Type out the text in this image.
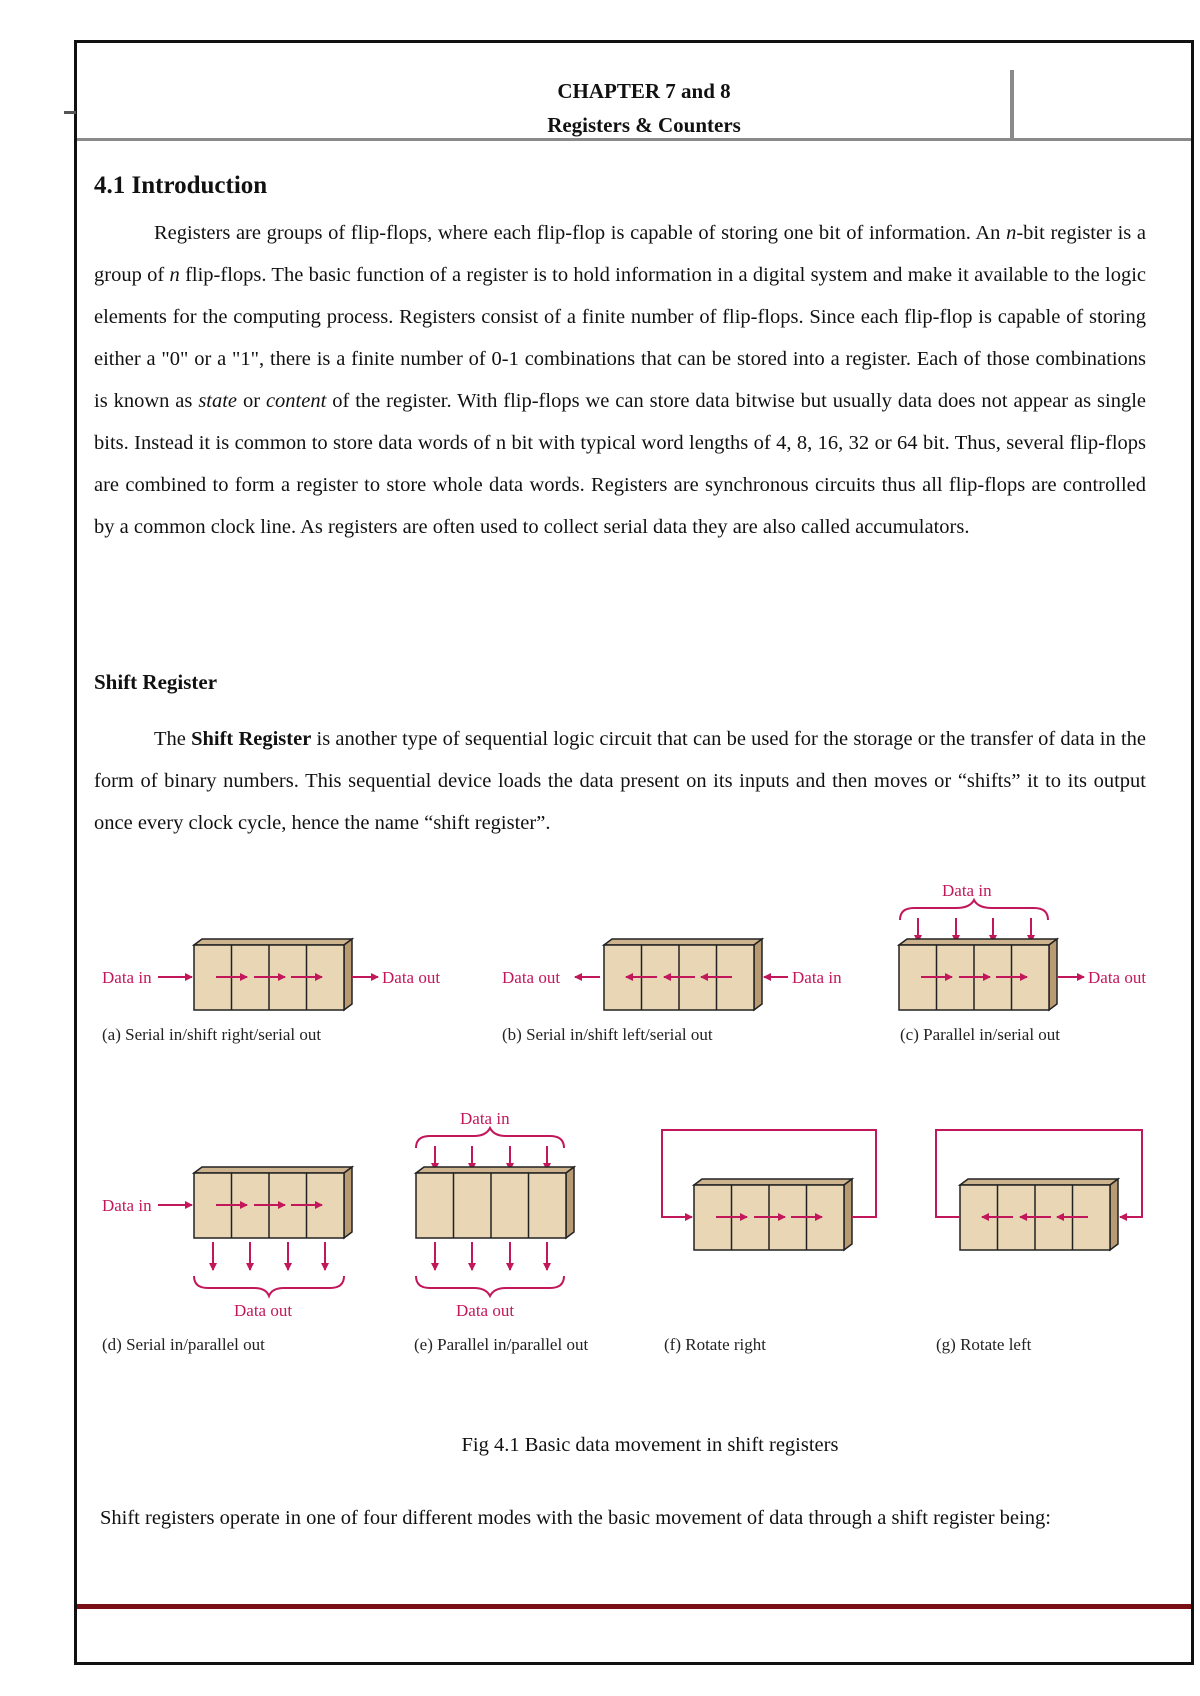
CHAPTER 7 and 8
Registers & Counters
4.1 Introduction

Registers are groups of flip-flops, where each flip-flop is capable of storing one bit of information. An n-bit register is a group of n flip-flops. The basic function of a register is to hold information in a digital system and make it available to the logic elements for the computing process. Registers consist of a finite number of flip-flops. Since each flip-flop is capable of storing either a "0" or a "1", there is a finite number of 0-1 combinations that can be stored into a register. Each of those combinations is known as state or content of the register. With flip-flops we can store data bitwise but usually data does not appear as single bits. Instead it is common to store data words of n bit with typical word lengths of 4, 8, 16, 32 or 64 bit. Thus, several flip-flops are combined to form a register to store whole data words. Registers are synchronous circuits thus all flip-flops are controlled by a common clock line. As registers are often used to collect serial data they are also called accumulators.

Shift Register

The Shift Register is another type of sequential logic circuit that can be used for the storage or the transfer of data in the form of binary numbers. This sequential device loads the data present on its inputs and then moves or “shifts” it to its output once every clock cycle, hence the name “shift register”.

Data in	Data out
(a) Serial in/shift right/serial out
Data out	Data in
(b) Serial in/shift left/serial out
Data in
Data out
(c) Parallel in/serial out
Data in
Data out
(d) Serial in/parallel out
Data in
Data out
(e) Parallel in/parallel out	(f) Rotate right	(g) Rotate left
Fig 4.1 Basic data movement in shift registers

Shift registers operate in one of four different modes with the basic movement of data through a shift register being:
